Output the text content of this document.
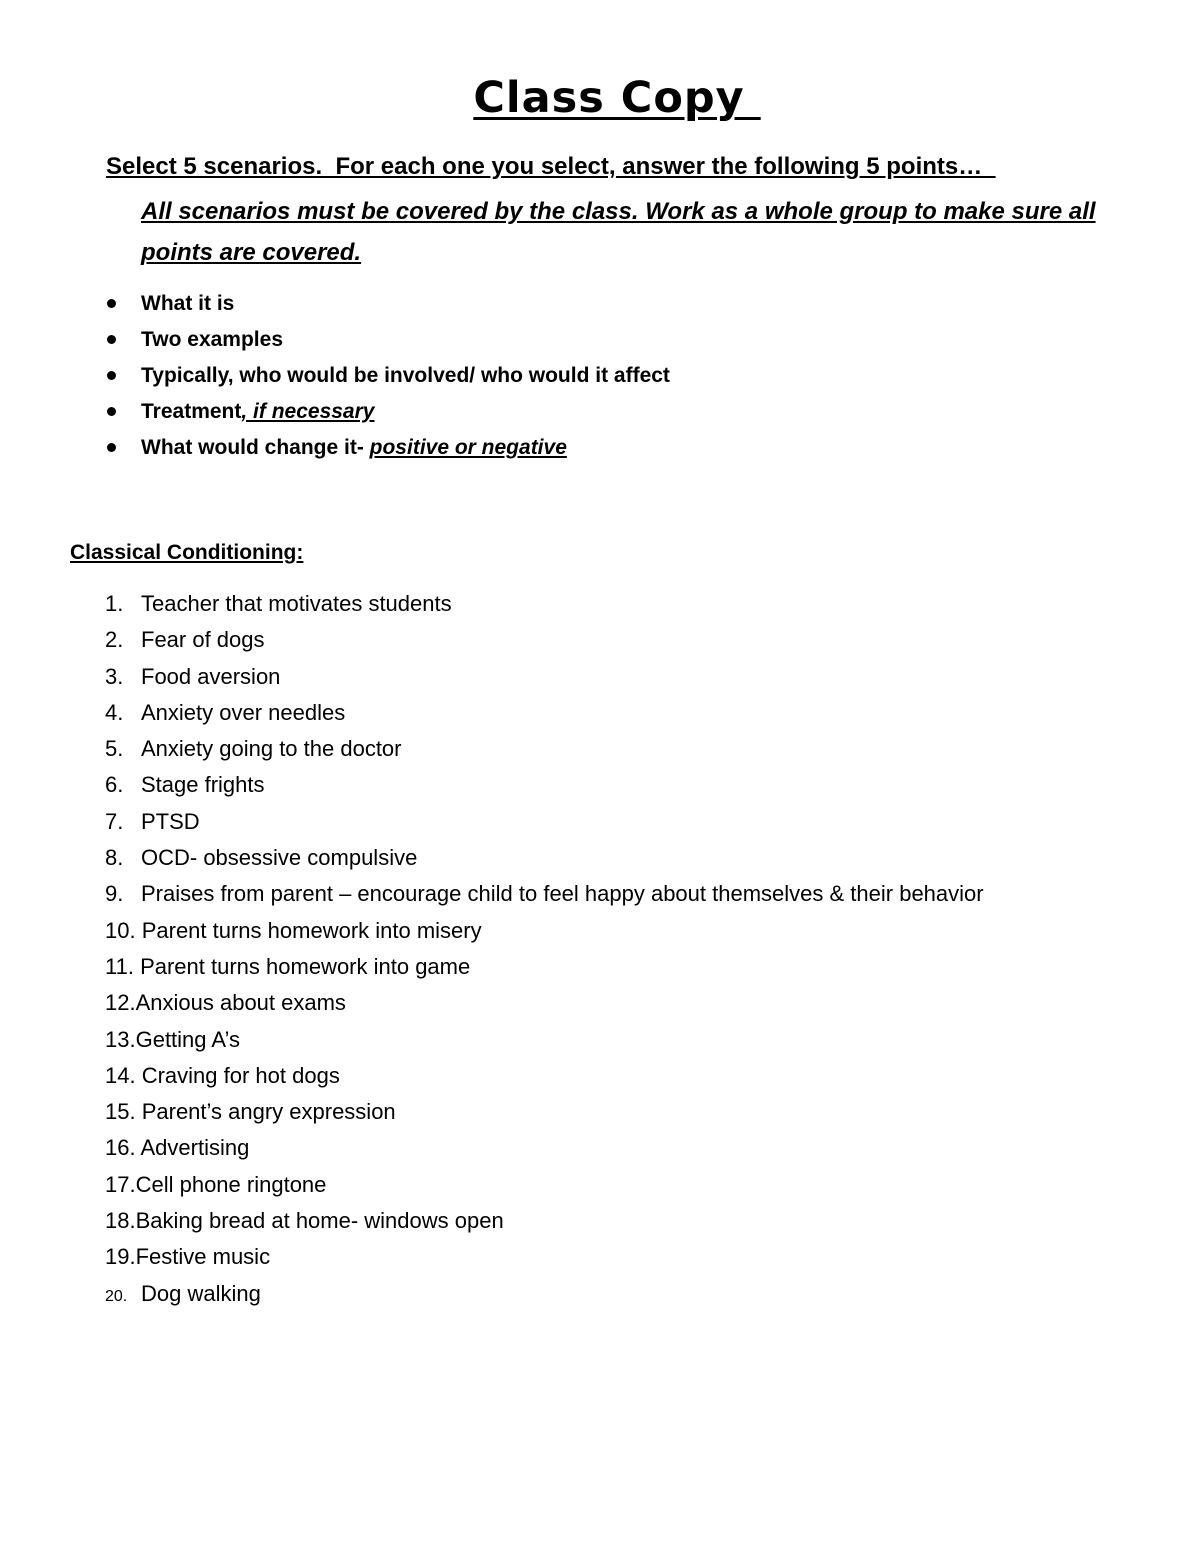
Class Copy
Select 5 scenarios.  For each one you select, answer the following 5 points…
All scenarios must be covered by the class. Work as a whole group to make sure all points are covered.
What it is
Two examples
Typically, who would be involved/ who would it affect
Treatment, if necessary
What would change it- positive or negative
Classical Conditioning:
1. Teacher that motivates students
2. Fear of dogs
3. Food aversion
4. Anxiety over needles
5. Anxiety going to the doctor
6. Stage frights
7. PTSD
8. OCD- obsessive compulsive
9. Praises from parent – encourage child to feel happy about themselves & their behavior
10. Parent turns homework into misery
11. Parent turns homework into game
12.Anxious about exams
13.Getting A’s
14. Craving for hot dogs
15. Parent’s angry expression
16. Advertising
17.Cell phone ringtone
18.Baking bread at home- windows open
19.Festive music
20. Dog walking
